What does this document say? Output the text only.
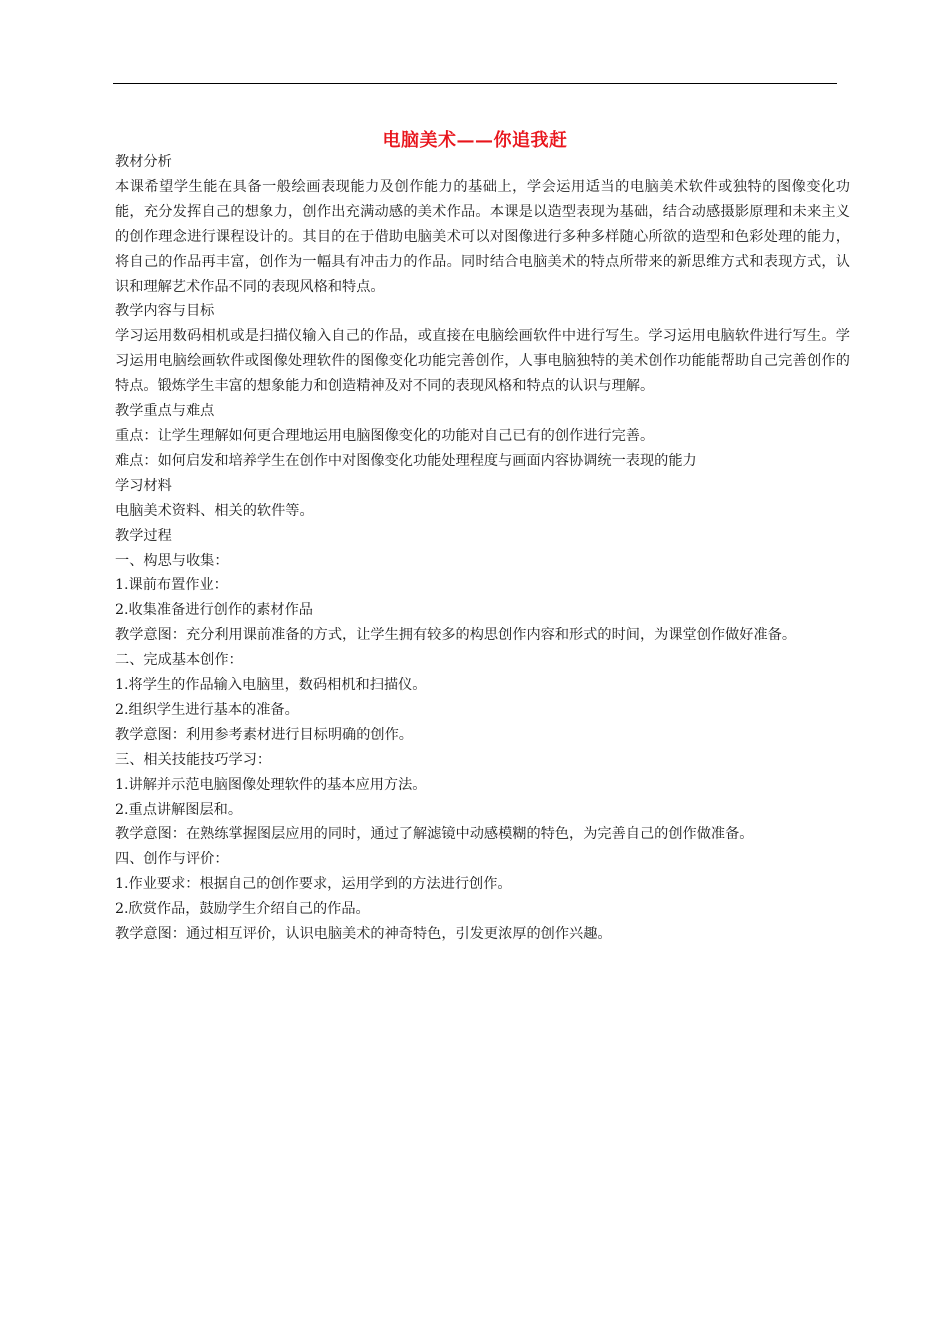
电脑美术——你追我赶

教材分析

本课希望学生能在具备一般绘画表现能力及创作能力的基础上，学会运用适当的电脑美术软件或独特的图像变化功能，充分发挥自己的想象力，创作出充满动感的美术作品。本课是以造型表现为基础，结合动感摄影原理和未来主义的创作理念进行课程设计的。其目的在于借助电脑美术可以对图像进行多种多样随心所欲的造型和色彩处理的能力，将自己的作品再丰富，创作为一幅具有冲击力的作品。同时结合电脑美术的特点所带来的新思维方式和表现方式，认识和理解艺术作品不同的表现风格和特点。

教学内容与目标

学习运用数码相机或是扫描仪输入自己的作品，或直接在电脑绘画软件中进行写生。学习运用电脑软件进行写生。学习运用电脑绘画软件或图像处理软件的图像变化功能完善创作，人事电脑独特的美术创作功能能帮助自己完善创作的特点。锻炼学生丰富的想象能力和创造精神及对不同的表现风格和特点的认识与理解。

教学重点与难点

重点：让学生理解如何更合理地运用电脑图像变化的功能对自己已有的创作进行完善。

难点：如何启发和培养学生在创作中对图像变化功能处理程度与画面内容协调统一表现的能力

学习材料

电脑美术资料、相关的软件等。

教学过程

一、构思与收集：

1.课前布置作业：

2.收集准备进行创作的素材作品

教学意图：充分利用课前准备的方式，让学生拥有较多的构思创作内容和形式的时间，为课堂创作做好准备。

二、完成基本创作：

1.将学生的作品输入电脑里，数码相机和扫描仪。

2.组织学生进行基本的准备。

教学意图：利用参考素材进行目标明确的创作。

三、相关技能技巧学习：

1.讲解并示范电脑图像处理软件的基本应用方法。

2.重点讲解图层和。

教学意图：在熟练掌握图层应用的同时，通过了解滤镜中动感模糊的特色，为完善自己的创作做准备。

四、创作与评价：

1.作业要求：根据自己的创作要求，运用学到的方法进行创作。

2.欣赏作品，鼓励学生介绍自己的作品。

教学意图：通过相互评价，认识电脑美术的神奇特色，引发更浓厚的创作兴趣。
